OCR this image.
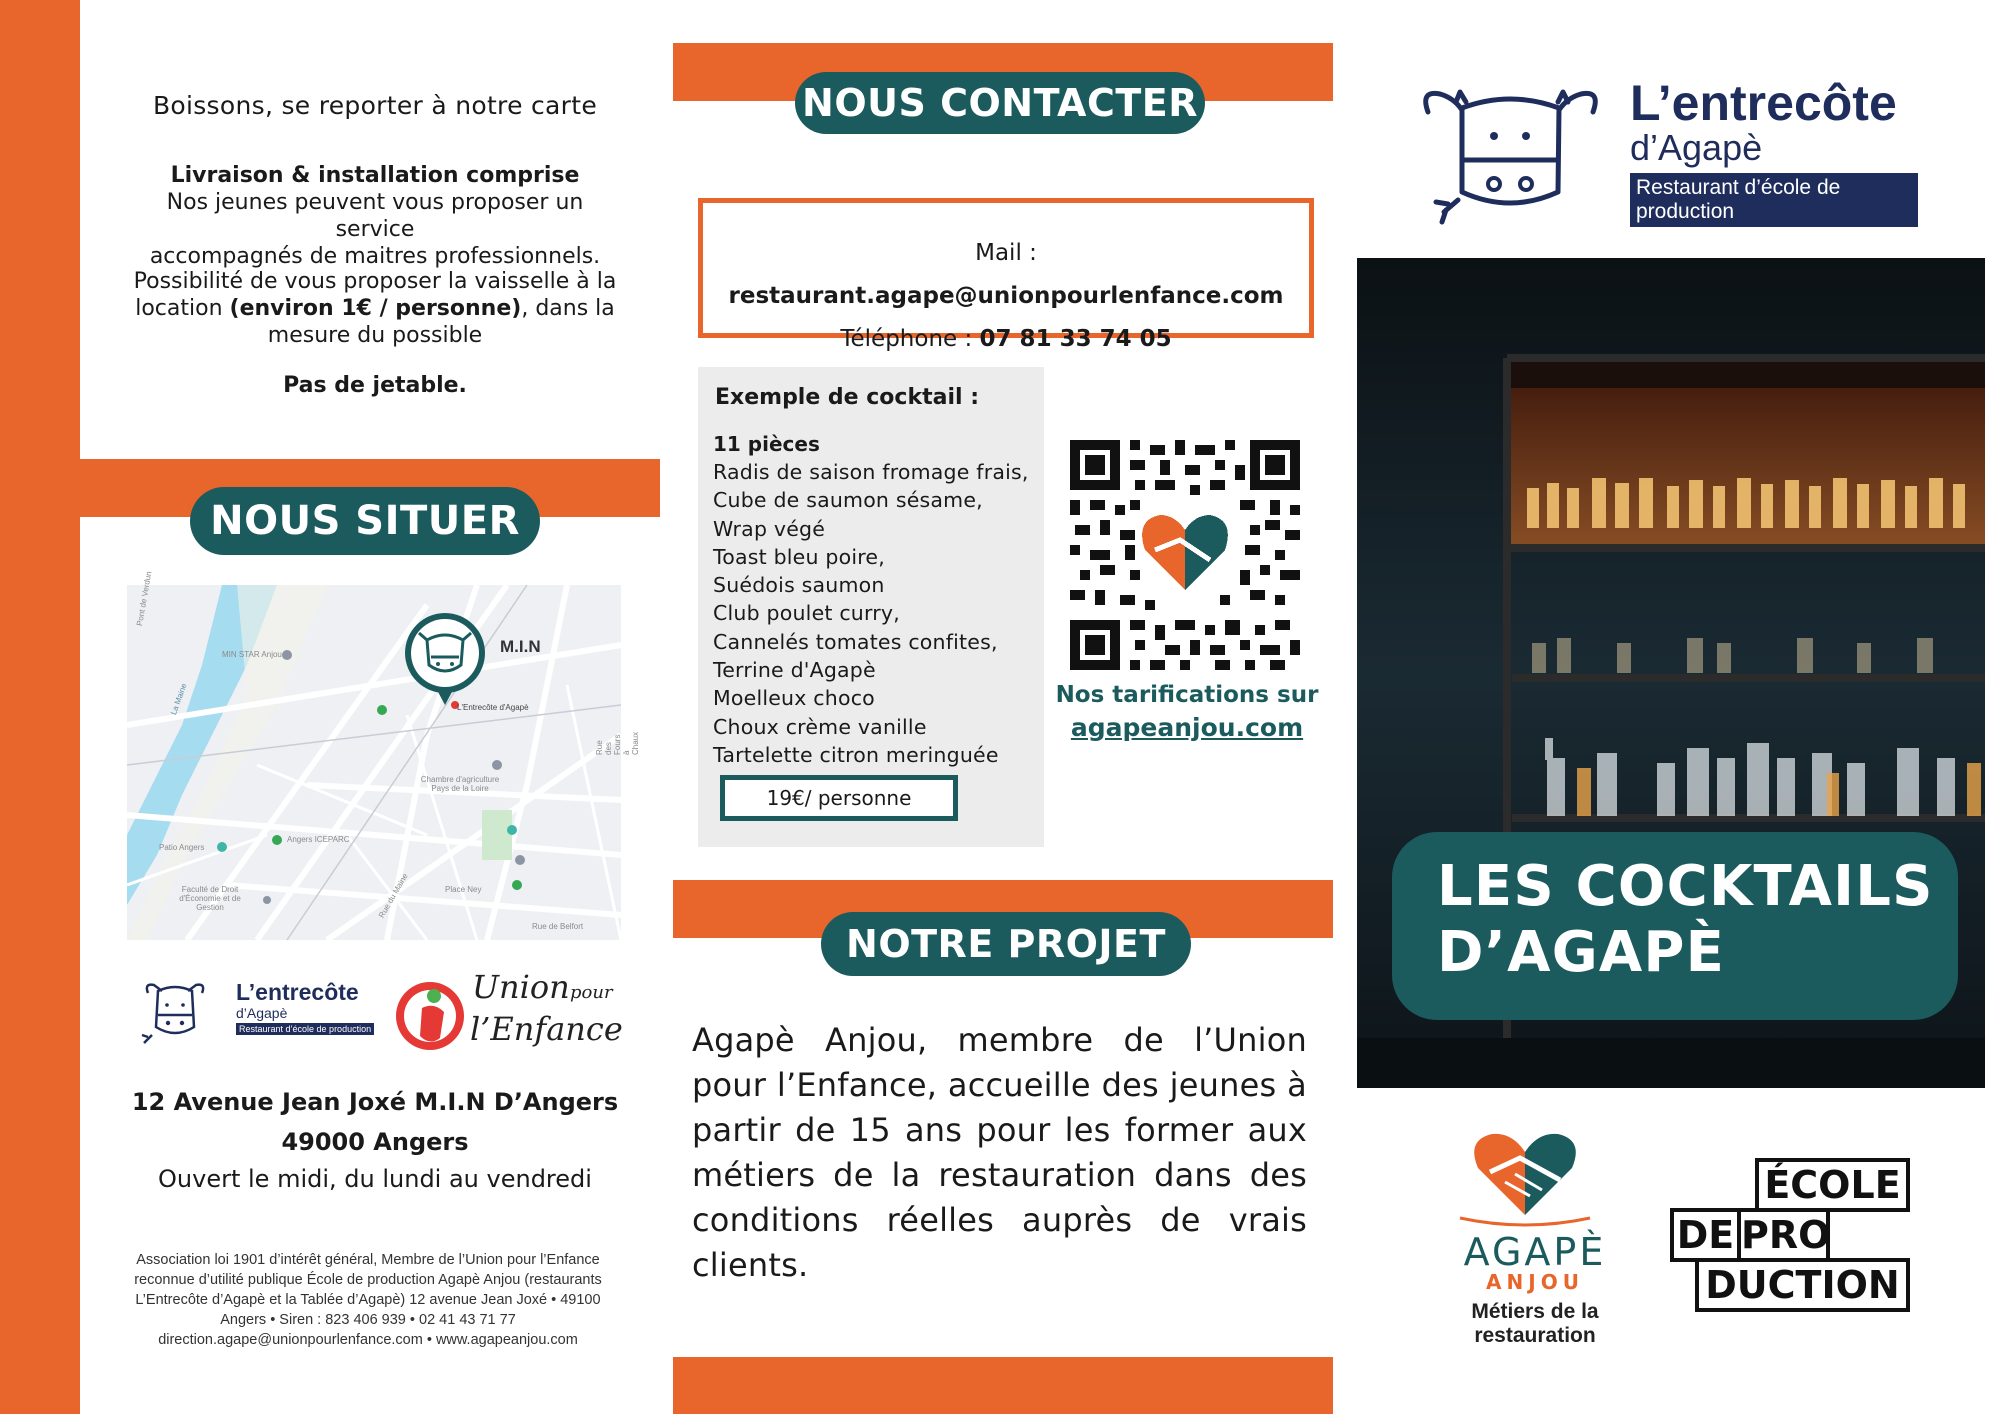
Boissons, se reporter à notre carte
Livraison & installation comprise
Nos jeunes peuvent vous proposer un service
accompagnés de maitres professionnels.
Possibilité de vous proposer la vaisselle à la
location (environ 1€ / personne), dans la
mesure du possible
Pas de jetable.
NOUS SITUER
M.I.N
L'Entrecôte d'Agapè
Pont de Verdun
La Maine
MIN STAR Anjou
Chambre d'agriculture Pays de la Loire
Rue des Fours à Chaux
Patio Angers
Angers ICEPARC
Rue du Maine
Faculté de Droit d'Économie et de Gestion
Place Ney
Rue de Belfort
L’entrecôte
d’Agapè
Restaurant d’école de production
Union pour
l’Enfance
12 Avenue Jean Joxé M.I.N D’Angers
49000 Angers
Ouvert le midi, du lundi au vendredi
Association loi 1901 d’intérêt général, Membre de l’Union pour l’Enfance reconnue d’utilité publique École de production Agapè Anjou (restaurants L’Entrecôte d’Agapè et la Tablée d’Agapè) 12 avenue Jean Joxé • 49100 Angers • Siren : 823 406 939 • 02 41 43 71 77 direction.agape@unionpourlenfance.com • www.agapeanjou.com
NOUS CONTACTER
Mail : restaurant.agape@unionpourlenfance.com
Téléphone : 07 81 33 74 05
Exemple de cocktail :
11 pièces
Radis de saison fromage frais,
Cube de saumon sésame,
Wrap végé
Toast bleu poire,
Suédois saumon
Club poulet curry,
Cannelés tomates confites,
Terrine d'Agapè
Moelleux choco
Choux crème vanille
Tartelette citron meringuée
19€/ personne
Nos tarifications sur
agapeanjou.com
NOTRE PROJET
Agapè Anjou, membre de l’Union pour l’Enfance, accueille des jeunes à partir de 15 ans pour les former aux métiers de la restauration dans des conditions réelles auprès de vrais clients.
L’entrecôte
d’Agapè
Restaurant d’école de production
LES COCKTAILS
D’AGAPÈ
AGAPÈ
ANJOU
Métiers de la restauration
ÉCOLE
DE PRO
DUCTION
